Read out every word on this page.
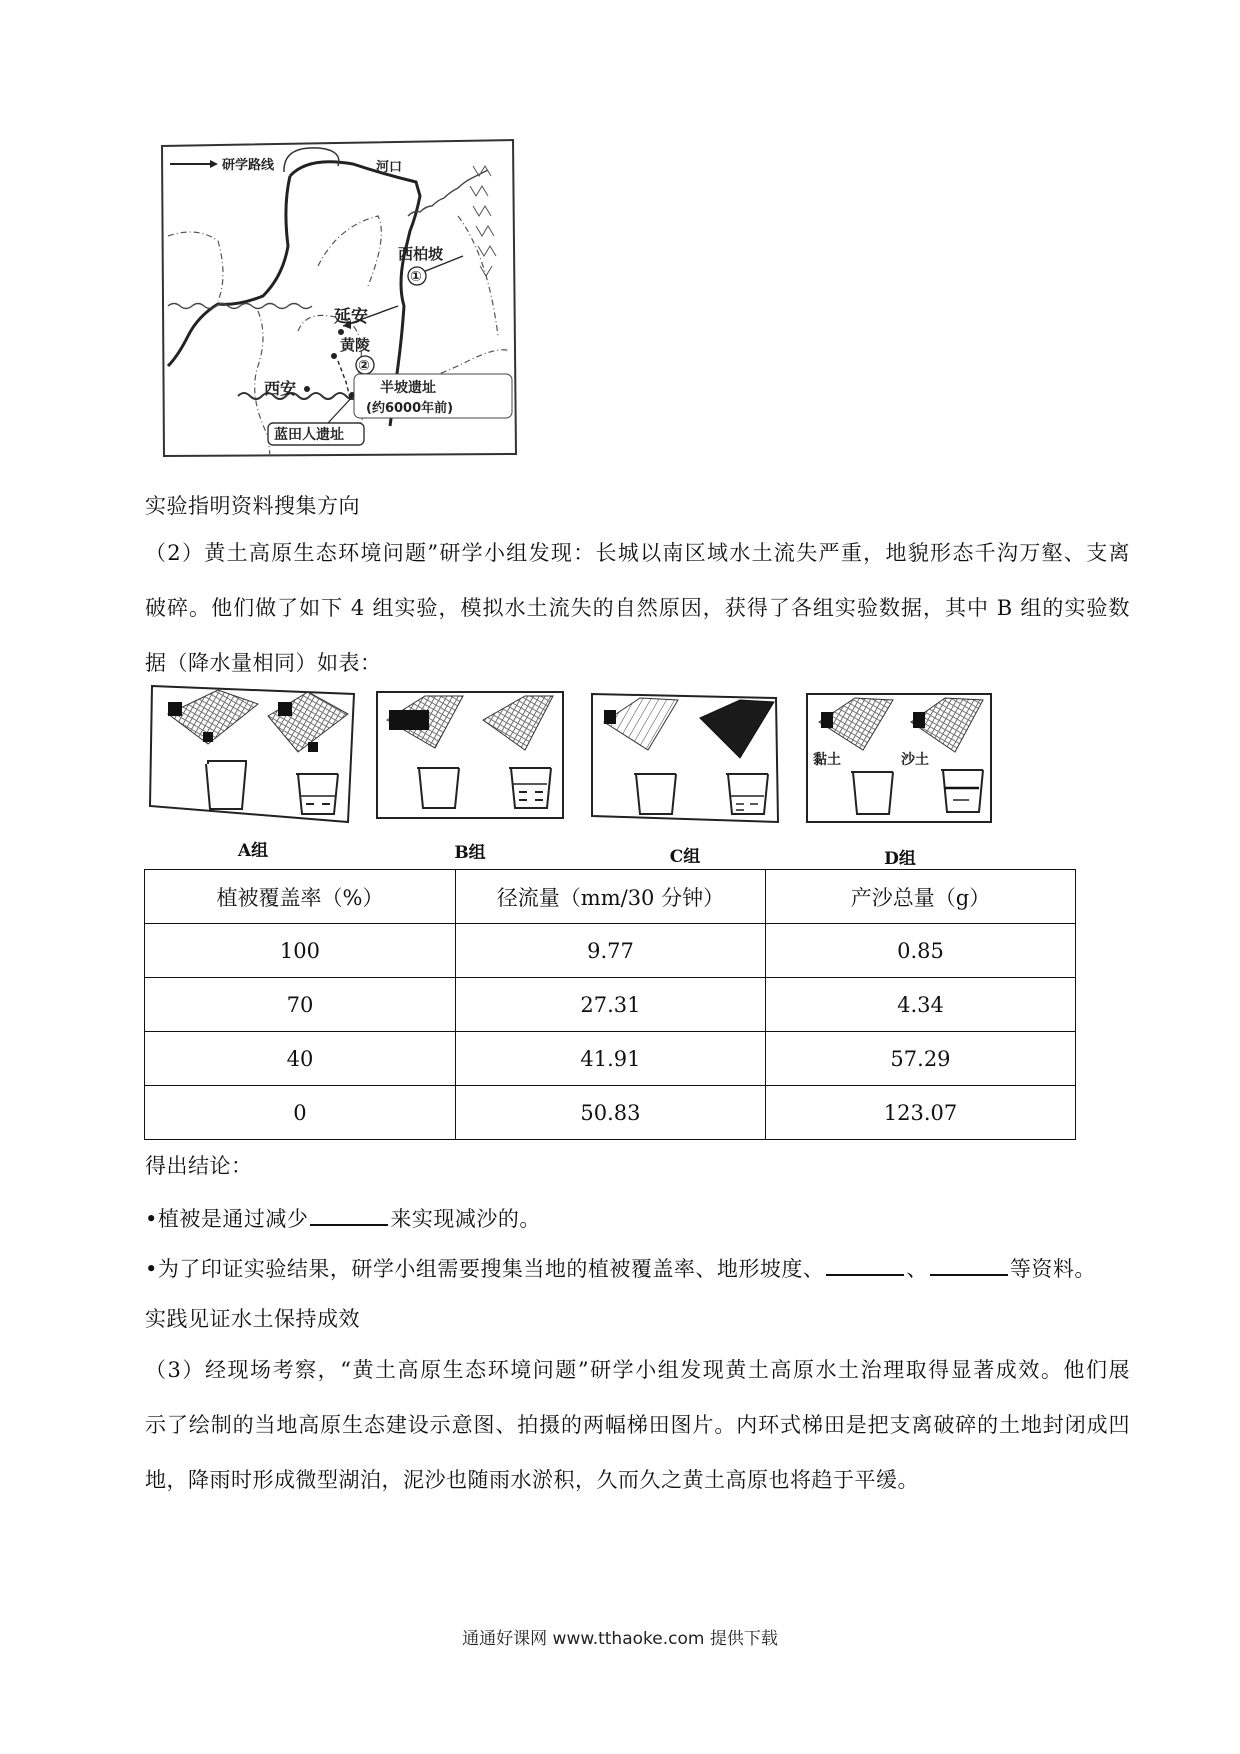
研学路线	河口
西柏坡
①
延安
黄陵
②
西安	半坡遗址
(约6000年前)
蓝田人遗址
实验指明资料搜集方向
（2）黄土高原生态环境问题”研学小组发现：长城以南区域水土流失严重，地貌形态千沟万壑、支离
破碎。他们做了如下 4 组实验，模拟水土流失的自然原因，获得了各组实验数据，其中 B 组的实验数
据（降水量相同）如表：
A组	B组	C组
黏土	沙土
D组
植被覆盖率（%）	径流量（mm/30 分钟）	产沙总量（g）
100	9.77	0.85
70	27.31	4.34
40	41.91	57.29
0	50.83	123.07
得出结论：
•植被是通过减少	来实现减沙的。
•为了印证实验结果，研学小组需要搜集当地的植被覆盖率、地形坡度、	、	等资料。
实践见证水土保持成效
（3）经现场考察，“黄土高原生态环境问题”研学小组发现黄土高原水土治理取得显著成效。他们展
示了绘制的当地高原生态建设示意图、拍摄的两幅梯田图片。内环式梯田是把支离破碎的土地封闭成凹
地，降雨时形成微型湖泊，泥沙也随雨水淤积，久而久之黄土高原也将趋于平缓。
通通好课网 www.tthaoke.com 提供下载
